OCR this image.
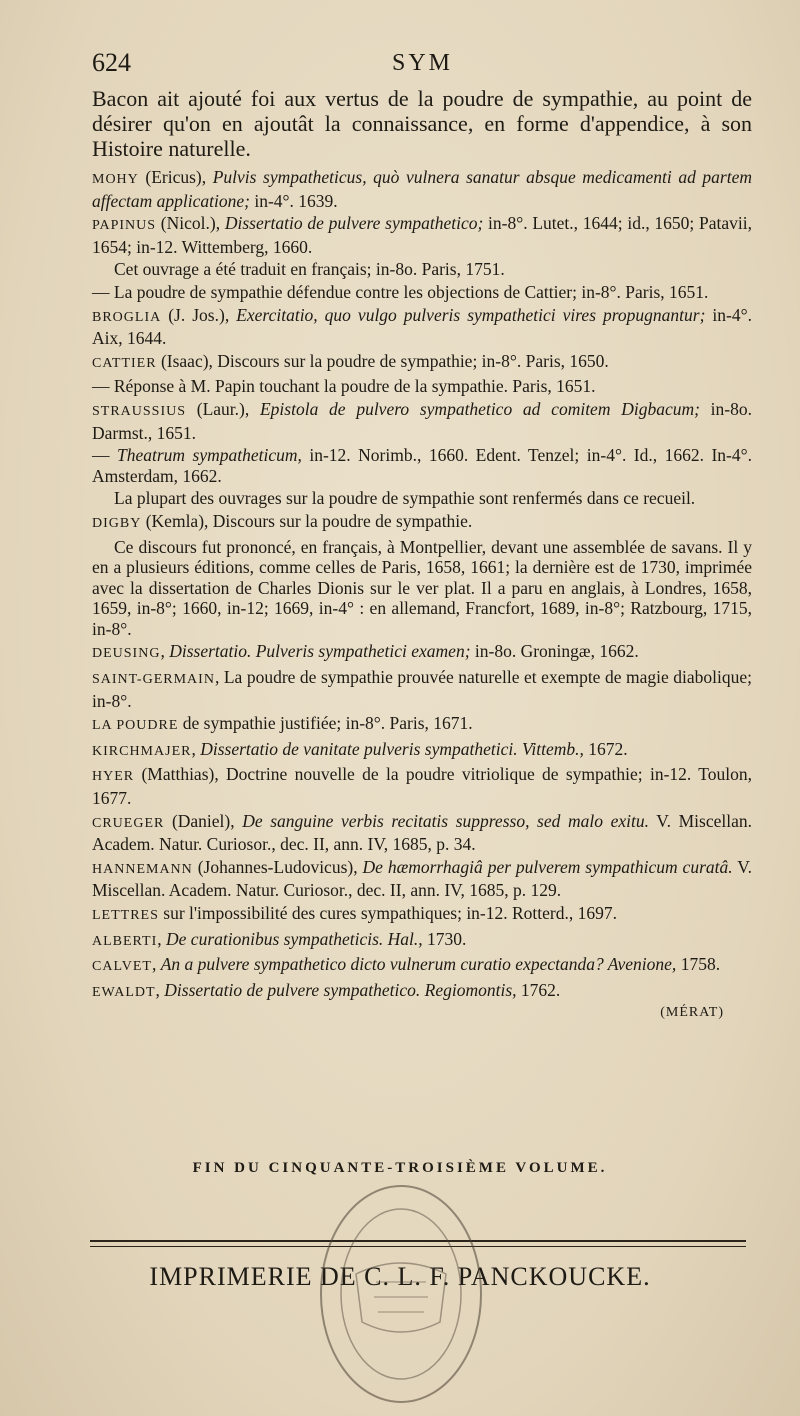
624	SYM

Bacon ait ajouté foi aux vertus de la poudre de sympathie, au point de désirer qu'on en ajoutât la connaissance, en forme d'appendice, à son Histoire naturelle.

MOHY (Ericus), Pulvis sympatheticus, quò vulnera sanatur absque medicamenti ad partem affectam applicatione; in-4°. 1639.

PAPINUS (Nicol.), Dissertatio de pulvere sympathetico; in-8°. Lutet., 1644; id., 1650; Patavii, 1654; in-12. Wittemberg, 1660.

Cet ouvrage a été traduit en français; in-8o. Paris, 1751.

— La poudre de sympathie défendue contre les objections de Cattier; in-8°. Paris, 1651.

BROGLIA (J. Jos.), Exercitatio, quo vulgo pulveris sympathetici vires propugnantur; in-4°. Aix, 1644.

CATTIER (Isaac), Discours sur la poudre de sympathie; in-8°. Paris, 1650.

— Réponse à M. Papin touchant la poudre de la sympathie. Paris, 1651.

STRAUSSIUS (Laur.), Epistola de pulvero sympathetico ad comitem Digbacum; in-8o. Darmst., 1651.

— Theatrum sympatheticum, in-12. Norimb., 1660. Edent. Tenzel; in-4°. Id., 1662. In-4°. Amsterdam, 1662.

La plupart des ouvrages sur la poudre de sympathie sont renfermés dans ce recueil.

DIGBY (Kemla), Discours sur la poudre de sympathie.

Ce discours fut prononcé, en français, à Montpellier, devant une assemblée de savans. Il y en a plusieurs éditions, comme celles de Paris, 1658, 1661; la dernière est de 1730, imprimée avec la dissertation de Charles Dionis sur le ver plat. Il a paru en anglais, à Londres, 1658, 1659, in-8°; 1660, in-12; 1669, in-4° : en allemand, Francfort, 1689, in-8°; Ratzbourg, 1715, in-8°.

DEUSING, Dissertatio. Pulveris sympathetici examen; in-8o. Groningæ, 1662.

SAINT-GERMAIN, La poudre de sympathie prouvée naturelle et exempte de magie diabolique; in-8°.

LA POUDRE de sympathie justifiée; in-8°. Paris, 1671.

KIRCHMAJER, Dissertatio de vanitate pulveris sympathetici. Vittemb., 1672.

HYER (Matthias), Doctrine nouvelle de la poudre vitriolique de sympathie; in-12. Toulon, 1677.

CRUEGER (Daniel), De sanguine verbis recitatis suppresso, sed malo exitu. V. Miscellan. Academ. Natur. Curiosor., dec. II, ann. IV, 1685, p. 34.

HANNEMANN (Johannes-Ludovicus), De hæmorrhagiâ per pulverem sympathicum curatâ. V. Miscellan. Academ. Natur. Curiosor., dec. II, ann. IV, 1685, p. 129.

LETTRES sur l'impossibilité des cures sympathiques; in-12. Rotterd., 1697.

ALBERTI, De curationibus sympatheticis. Hal., 1730.

CALVET, An a pulvere sympathetico dicto vulnerum curatio expectanda? Avenione, 1758.

EWALDT, Dissertatio de pulvere sympathetico. Regiomontis, 1762.

(MÉRAT)
FIN DU CINQUANTE-TROISIÈME VOLUME.
IMPRIMERIE DE C. L. F. PANCKOUCKE.
